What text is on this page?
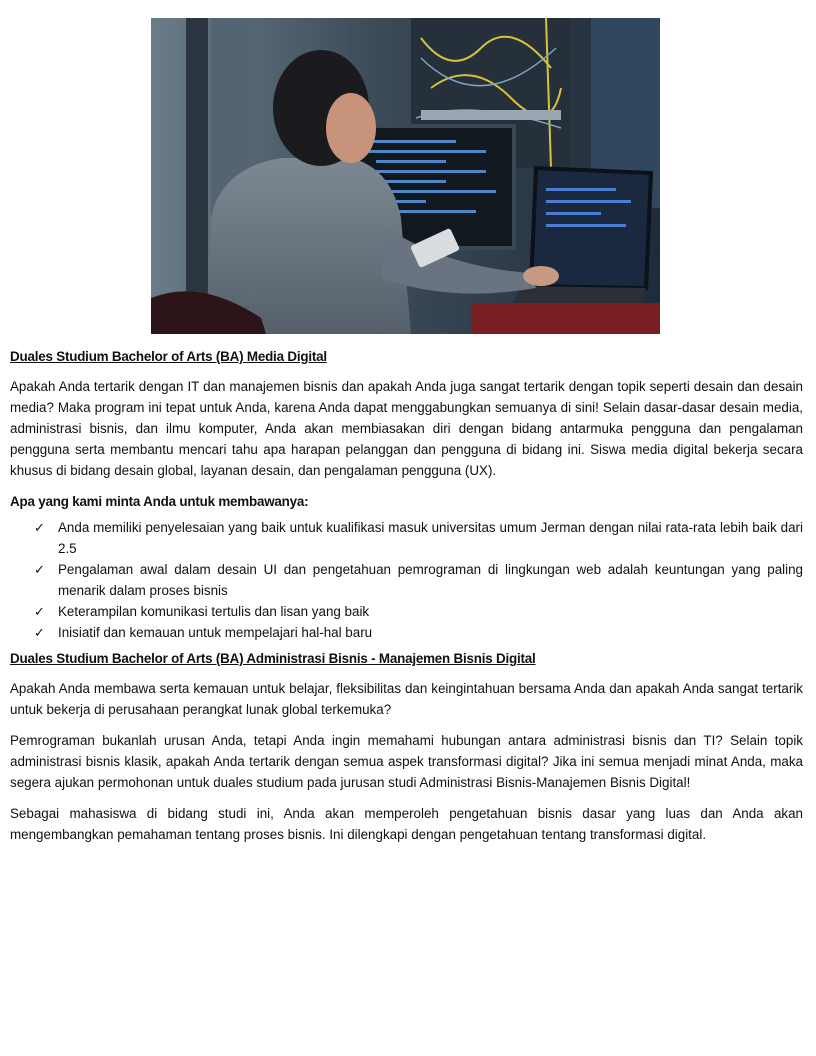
Duales Studium Bachelor of Arts (BA) Media Digital

Apakah Anda tertarik dengan IT dan manajemen bisnis dan apakah Anda juga sangat tertarik dengan topik seperti desain dan desain media? Maka program ini tepat untuk Anda, karena Anda dapat menggabungkan semuanya di sini! Selain dasar-dasar desain media, administrasi bisnis, dan ilmu komputer, Anda akan membiasakan diri dengan bidang antarmuka pengguna dan pengalaman pengguna serta membantu mencari tahu apa harapan pelanggan dan pengguna di bidang ini. Siswa media digital bekerja secara khusus di bidang desain global, layanan desain, dan pengalaman pengguna (UX).

Apa yang kami minta Anda untuk membawanya:
✓ Anda memiliki penyelesaian yang baik untuk kualifikasi masuk universitas umum Jerman dengan nilai rata-rata lebih baik dari 2.5
✓ Pengalaman awal dalam desain UI dan pengetahuan pemrograman di lingkungan web adalah keuntungan yang paling menarik dalam proses bisnis
✓ Keterampilan komunikasi tertulis dan lisan yang baik
✓ Inisiatif dan kemauan untuk mempelajari hal-hal baru
Duales Studium Bachelor of Arts (BA) Administrasi Bisnis - Manajemen Bisnis Digital

Apakah Anda membawa serta kemauan untuk belajar, fleksibilitas dan keingintahuan bersama Anda dan apakah Anda sangat tertarik untuk bekerja di perusahaan perangkat lunak global terkemuka?

Pemrograman bukanlah urusan Anda, tetapi Anda ingin memahami hubungan antara administrasi bisnis dan TI? Selain topik administrasi bisnis klasik, apakah Anda tertarik dengan semua aspek transformasi digital? Jika ini semua menjadi minat Anda, maka segera ajukan permohonan untuk duales studium pada jurusan studi Administrasi Bisnis-Manajemen Bisnis Digital!

Sebagai mahasiswa di bidang studi ini, Anda akan memperoleh pengetahuan bisnis dasar yang luas dan Anda akan mengembangkan pemahaman tentang proses bisnis. Ini dilengkapi dengan pengetahuan tentang transformasi digital.
